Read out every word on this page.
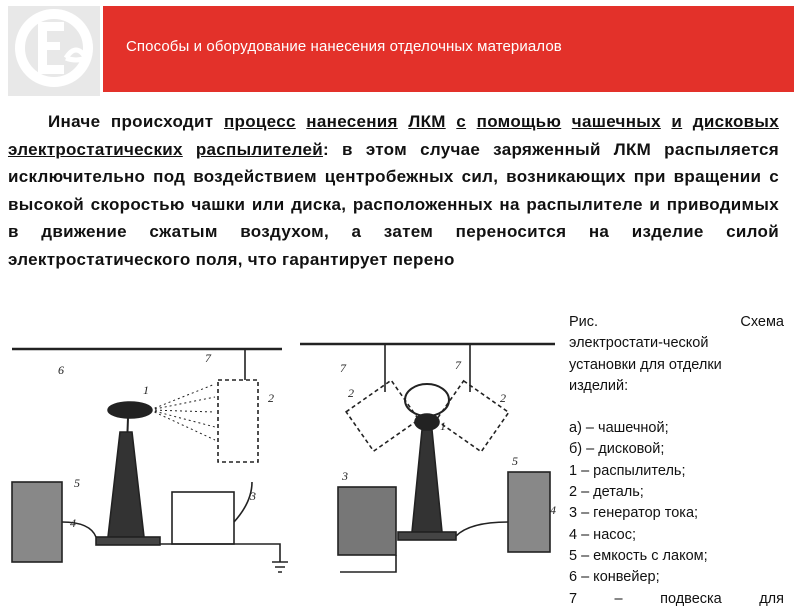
Способы и оборудование нанесения отделочных материалов
Иначе происходит процесс нанесения ЛКМ с помощью чашечных и дисковых электростатических распылителей: в этом случае заряженный ЛКМ распыляется исключительно под воздействием центробежных сил, возникающих при вращении с высокой скоростью чашки или диска, расположенных на распылителе и приводимых в движение сжатым воздухом, а затем переносится на изделие силой электростатического поля, что гарантирует перено
6
7
1
2
5
4
3
2
7	7
2
1
3
5
4
Рис.	Схема
электростати-ческой
установки для отделки
изделий:
а) – чашечной;
б) – дисковой;
1 – распылитель;
2 – деталь;
3 – генератор тока;
4 – насос;
5 – емкость с лаком;
6 – конвейер;
7	–	подвеска	для
